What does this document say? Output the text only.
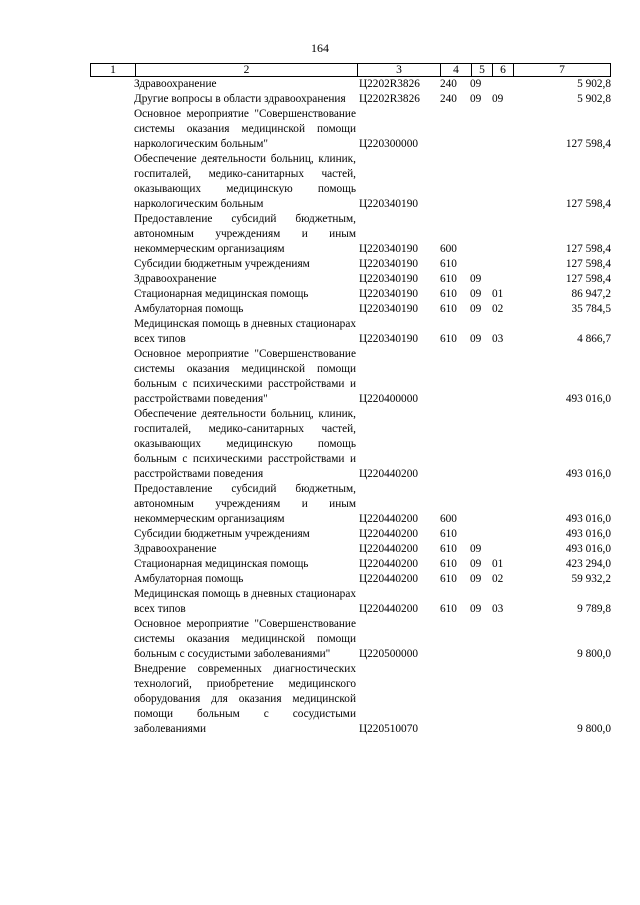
164
1	2	3	4	5	6	7
	Здравоохранение	Ц2202R3826	240	09		5 902,8
	Другие вопросы в области здравоохранения	Ц2202R3826	240	09	09	5 902,8
	Основное мероприятие "Совершенствование системы оказания медицинской помощи наркологическим больным"	Ц220300000				127 598,4
	Обеспечение деятельности больниц, клиник, госпиталей, медико-санитарных частей, оказывающих медицинскую помощь наркологическим больным	Ц220340190				127 598,4
	Предоставление субсидий бюджетным, автономным учреждениям и иным некоммерческим организациям	Ц220340190	600			127 598,4
	Субсидии бюджетным учреждениям	Ц220340190	610			127 598,4
	Здравоохранение	Ц220340190	610	09		127 598,4
	Стационарная медицинская помощь	Ц220340190	610	09	01	86 947,2
	Амбулаторная помощь	Ц220340190	610	09	02	35 784,5
	Медицинская помощь в дневных стационарах всех типов	Ц220340190	610	09	03	4 866,7
	Основное мероприятие "Совершенствование системы оказания медицинской помощи больным с психическими расстройствами и расстройствами поведения"	Ц220400000				493 016,0
	Обеспечение деятельности больниц, клиник, госпиталей, медико-санитарных частей, оказывающих медицинскую помощь больным с психическими расстройствами и расстройствами поведения	Ц220440200				493 016,0
	Предоставление субсидий бюджетным, автономным учреждениям и иным некоммерческим организациям	Ц220440200	600			493 016,0
	Субсидии бюджетным учреждениям	Ц220440200	610			493 016,0
	Здравоохранение	Ц220440200	610	09		493 016,0
	Стационарная медицинская помощь	Ц220440200	610	09	01	423 294,0
	Амбулаторная помощь	Ц220440200	610	09	02	59 932,2
	Медицинская помощь в дневных стационарах всех типов	Ц220440200	610	09	03	9 789,8
	Основное мероприятие "Совершенствование системы оказания медицинской помощи больным с сосудистыми заболеваниями"	Ц220500000				9 800,0
	Внедрение современных диагностических технологий, приобретение медицинского оборудования для оказания медицинской помощи больным с сосудистыми заболеваниями	Ц220510070				9 800,0
